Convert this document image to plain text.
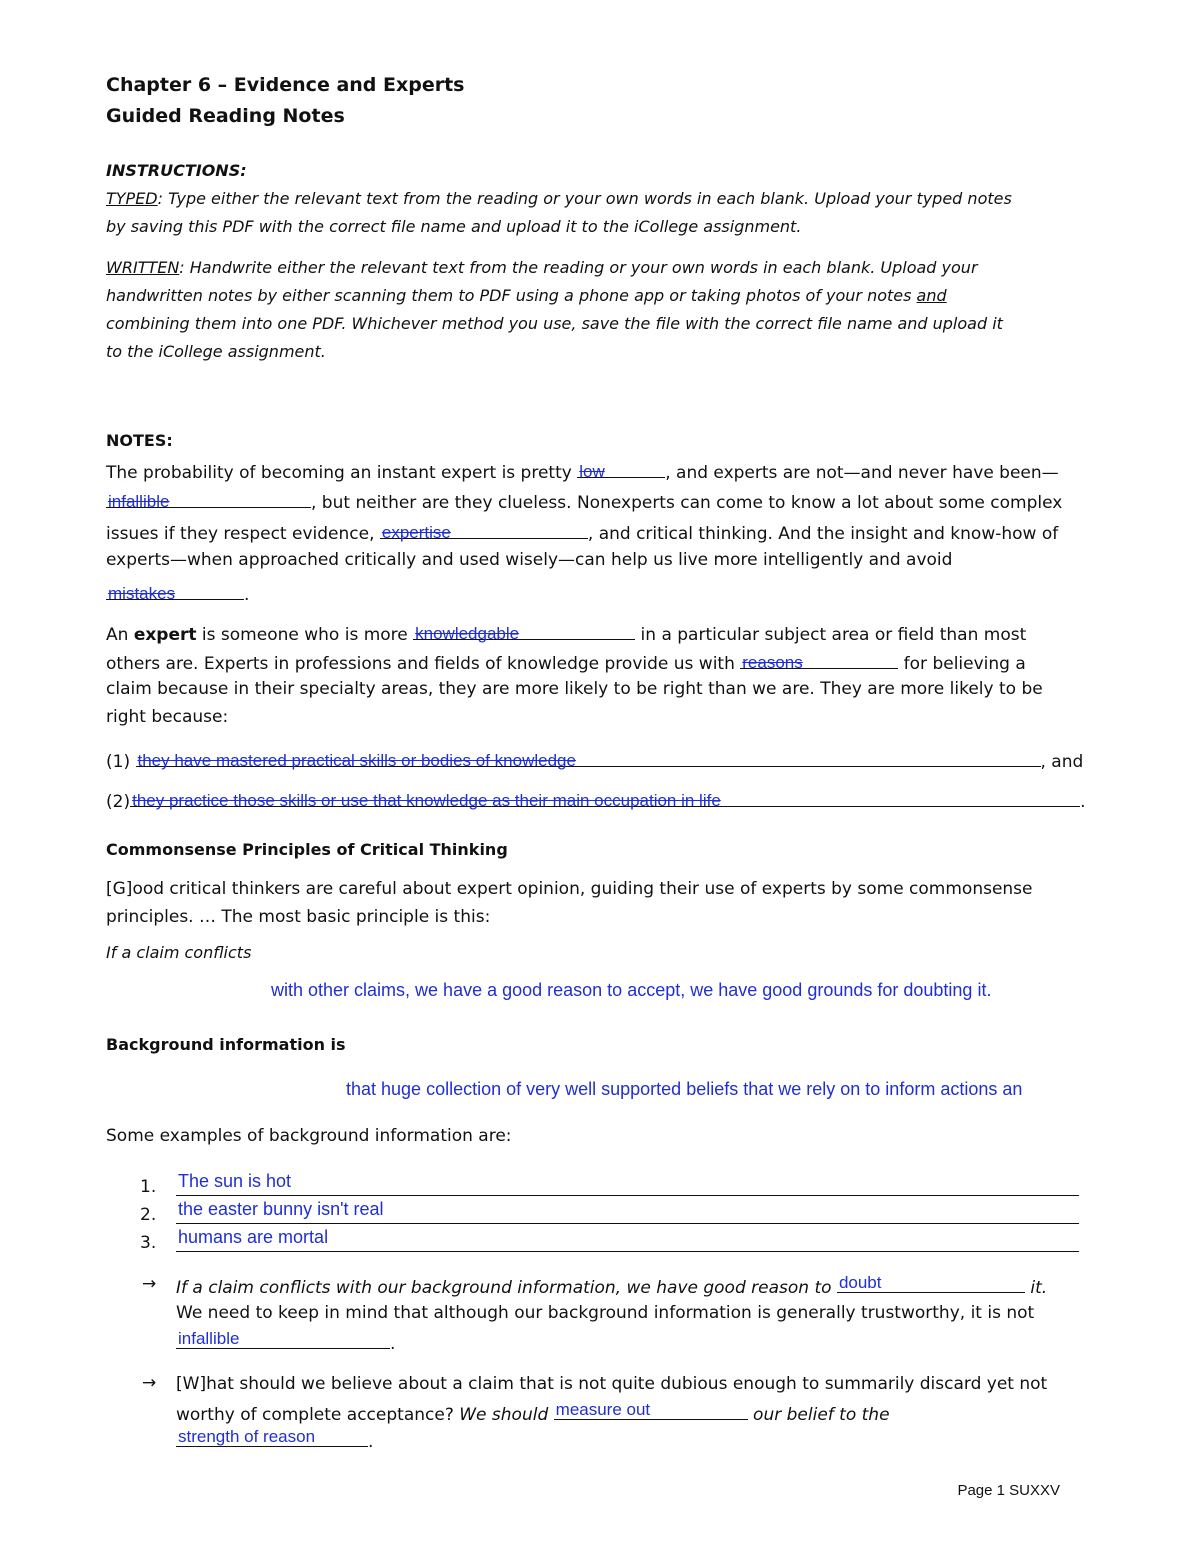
Chapter 6 – Evidence and Experts
Guided Reading Notes
INSTRUCTIONS:
TYPED: Type either the relevant text from the reading or your own words in each blank. Upload your typed notes
by saving this PDF with the correct file name and upload it to the iCollege assignment.
WRITTEN: Handwrite either the relevant text from the reading or your own words in each blank. Upload your
handwritten notes by either scanning them to PDF using a phone app or taking photos of your notes and
combining them into one PDF. Whichever method you use, save the file with the correct file name and upload it
to the iCollege assignment.
NOTES:
The probability of becoming an instant expert is pretty low	, and experts are not—and never have been—
infallible	, but neither are they clueless. Nonexperts can come to know a lot about some complex
issues if they respect evidence, expertise	, and critical thinking. And the insight and know-how of
experts—when approached critically and used wisely—can help us live more intelligently and avoid
mistakes	.
An expert is someone who is more knowledgable	in a particular subject area or field than most
others are. Experts in professions and fields of knowledge provide us with reasons	for believing a
claim because in their specialty areas, they are more likely to be right than we are. They are more likely to be
right because:
(1) they have mastered practical skills or bodies of knowledge	, and
(2) they practice those skills or use that knowledge as their main occupation in life	.
Commonsense Principles of Critical Thinking
[G]ood critical thinkers are careful about expert opinion, guiding their use of experts by some commonsense
principles. … The most basic principle is this:
If a claim conflicts
with other claims, we have a good reason to accept, we have good grounds for doubting it.
Background information is
that huge collection of very well supported beliefs that we rely on to inform actions an
Some examples of background information are:
1. The sun is hot
2. the easter bunny isn't real
3. humans are mortal
→ If a claim conflicts with our background information, we have good reason to doubt	it.
We need to keep in mind that although our background information is generally trustworthy, it is not
infallible	.
→ [W]hat should we believe about a claim that is not quite dubious enough to summarily discard yet not
worthy of complete acceptance? We should measure out	our belief to the
strength of reason	.
Page 1 SUXXV
